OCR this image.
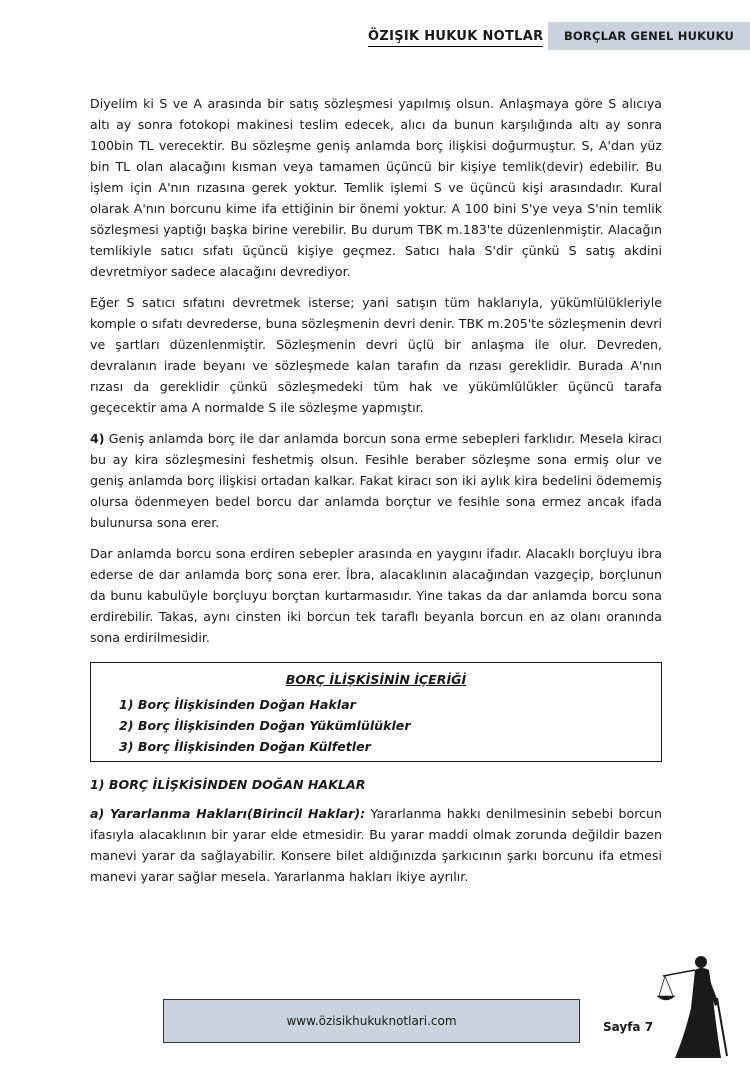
ÖZIŞIK HUKUK NOTLAR	BORÇLAR GENEL HUKUKU

Diyelim ki S ve A arasında bir satış sözleşmesi yapılmış olsun. Anlaşmaya göre S alıcıya altı ay sonra fotokopi makinesi teslim edecek, alıcı da bunun karşılığında altı ay sonra 100bin TL verecektir. Bu sözleşme geniş anlamda borç ilişkisi doğurmuştur. S, A'dan yüz bin TL olan alacağını kısman veya tamamen üçüncü bir kişiye temlik(devir) edebilir. Bu işlem için A'nın rızasına gerek yoktur. Temlik işlemi S ve üçüncü kişi arasındadır. Kural olarak A'nın borcunu kime ifa ettiğinin bir önemi yoktur. A 100 bini S'ye veya S'nin temlik sözleşmesi yaptığı başka birine verebilir. Bu durum TBK m.183'te düzenlenmiştir. Alacağın temlikiyle satıcı sıfatı üçüncü kişiye geçmez. Satıcı hala S'dir çünkü S satış akdini devretmiyor sadece alacağını devrediyor.

Eğer S satıcı sıfatını devretmek isterse; yani satışın tüm haklarıyla, yükümlülükleriyle komple o sıfatı devrederse, buna sözleşmenin devri denir. TBK m.205'te sözleşmenin devri ve şartları düzenlenmiştir. Sözleşmenin devri üçlü bir anlaşma ile olur. Devreden, devralanın irade beyanı ve sözleşmede kalan tarafın da rızası gereklidir. Burada A'nın rızası da gereklidir çünkü sözleşmedeki tüm hak ve yükümlülükler üçüncü tarafa geçecektir ama A normalde S ile sözleşme yapmıştır.

4) Geniş anlamda borç ile dar anlamda borcun sona erme sebepleri farklıdır. Mesela kiracı bu ay kira sözleşmesini feshetmiş olsun. Fesihle beraber sözleşme sona ermiş olur ve geniş anlamda borç ilişkisi ortadan kalkar. Fakat kiracı son iki aylık kira bedelini ödememiş olursa ödenmeyen bedel borcu dar anlamda borçtur ve fesihle sona ermez ancak ifada bulunursa sona erer.

Dar anlamda borcu sona erdiren sebepler arasında en yaygını ifadır. Alacaklı borçluyu ibra ederse de dar anlamda borç sona erer. İbra, alacaklının alacağından vazgeçip, borçlunun da bunu kabulüyle borçluyu borçtan kurtarmasıdır. Yine takas da dar anlamda borcu sona erdirebilir. Takas, aynı cinsten iki borcun tek taraflı beyanla borcun en az olanı oranında sona erdirilmesidir.

BORÇ İLİŞKİSİNİN İÇERİĞİ
1) Borç İlişkisinden Doğan Haklar
2) Borç İlişkisinden Doğan Yükümlülükler
3) Borç İlişkisinden Doğan Külfetler
1) BORÇ İLİŞKİSİNDEN DOĞAN HAKLAR

a) Yararlanma Hakları(Birincil Haklar): Yararlanma hakkı denilmesinin sebebi borcun ifasıyla alacaklının bir yarar elde etmesidir. Bu yarar maddi olmak zorunda değildir bazen manevi yarar da sağlayabilir. Konsere bilet aldığınızda şarkıcının şarkı borcunu ifa etmesi manevi yarar sağlar mesela. Yararlanma hakları ikiye ayrılır.

www.özisikhukuknotlari.com	Sayfa 7
